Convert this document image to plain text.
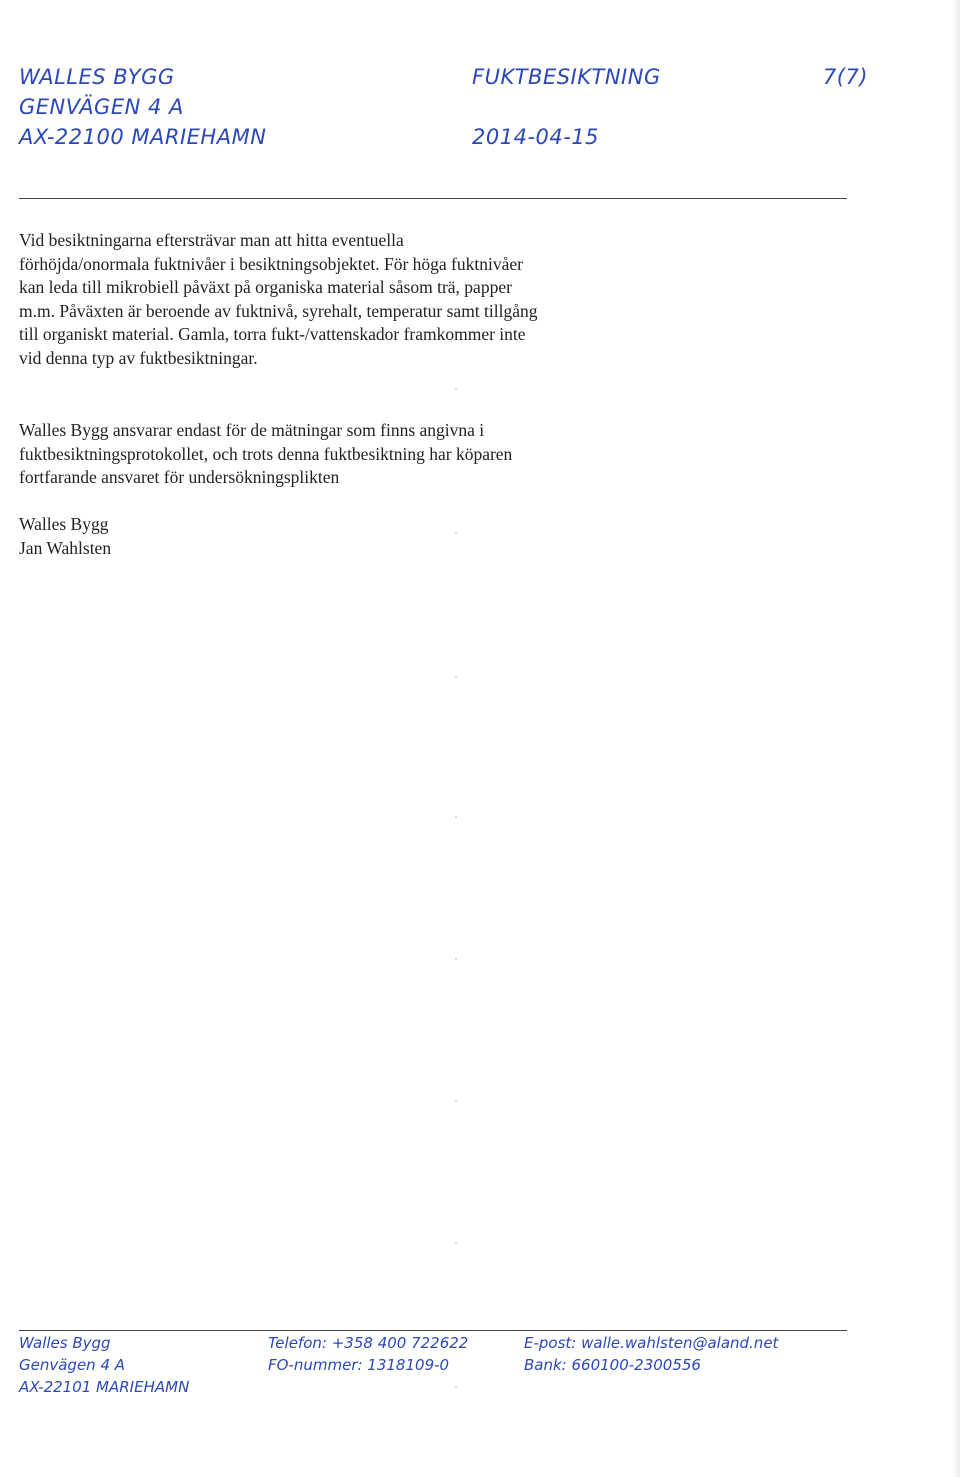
WALLES BYGG
GENVÄGEN 4 A
AX-22100 MARIEHAMN
FUKTBESIKTNING
2014-04-15
7(7)
Vid besiktningarna eftersträvar man att hitta eventuella
förhöjda/onormala fuktnivåer i besiktningsobjektet. För höga fuktnivåer
kan leda till mikrobiell påväxt på organiska material såsom trä, papper
m.m. Påväxten är beroende av fuktnivå, syrehalt, temperatur samt tillgång
till organiskt material. Gamla, torra fukt-/vattenskador framkommer inte
vid denna typ av fuktbesiktningar.
Walles Bygg ansvarar endast för de mätningar som finns angivna i
fuktbesiktningsprotokollet, och trots denna fuktbesiktning har köparen
fortfarande ansvaret för undersökningsplikten
Walles Bygg
Jan Wahlsten
Walles Bygg
Genvägen 4 A
AX-22101 MARIEHAMN
Telefon: +358 400 722622
FO-nummer: 1318109-0
E-post: walle.wahlsten@aland.net
Bank: 660100-2300556
